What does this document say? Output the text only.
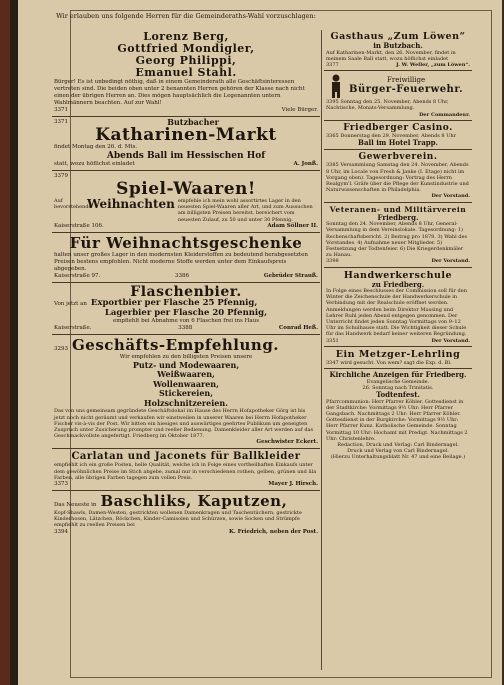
Wir erlauben uns folgende Herren für die Gemeinderaths-Wahl vorzuschlagen:
Lorenz Berg,
Gottfried Mondigler,
Georg Philippi,
Emanuel Stahl.
Bürger! Es ist unbedingt nöthig, daß in einem Gemeinderath alle Geschäftsinteressen vertreten sind. Die beiden oben unter 2 benannten Herren gehören der Klasse nach nicht einen der übrigen Herren an. Dies mögen hauptsächlich die Legenannten untern Wahlmännern beachten. Auf zur Wahl!
3371	Viele Bürger.
3371	Butzbacher
Katharinen-Markt
findet Montag den 26. d. Mts.
Abends Ball im Hessischen Hof
statt, wozu höflichst einladet	A. Jonß.
3379
Spiel-Waaren!
Auf bevorstehende
Weihnachten empfehle ich mein wohl assortirtes Lager in den neuesten Spiel-Waaren aller Art, und zum Aussuchen am billigsten Preisen bereitst, bereichert vom neuesten Zulauf, zu 50 und unter 30 Pfennig.
Kaiserstraße 106.	Adam Söllner II.
Für Weihnachtsgeschenke
halten unser großes Lager in den modernsten Kleiderstoffen zu bedeutend herabgesetzten Preisen bestens empfohlen. Nicht moderne Stoffe werden unter dem Einkaufspreis abgegeben.
Kaiserstraße 97.	3386	Gebrüder Strauß.
Flaschenbier.
Von jetzt an Exportbier per Flasche 25 Pfennig,
Lagerbier per Flasche 20 Pfennig,
empfiehlt bei Abnahme von 6 Flaschen frei ins Haus
Kaiserstraße.	3388	Conrad Heß.
3293 Geschäfts-Empfehlung.
Wir empfehlen zu den billigsten Preisen unsere
Putz- und Modewaaren,
Weißwaaren,
Wollenwaaren,
Stickereien,
Holzschnitzereien.
Das von uns gemeinsam gegründete Geschäftslokal im Hause des Herrn Hofapotheker Görg ist bis jetzt noch nicht geräumt und verkaufen wir einstweilen in unserer Waaren bei Herrn Hofapotheker Fischer vis-à-vis der Post. Wir bitten ein hiesiges und auswärtiges geehrtes Publikum um geneigten Zuspruch unter Zusicherung prompter und reeller Bedienung. Damenkleider aller Art werden auf das Geschmackvollste angefertigt. Friedberg im Oktober 1877.
Geschwister Eckert.
Carlatan und Jaconets für Ballkleider
empfiehlt ich ein große Posten, helle Qualität, welche ich in Folge eines vortheilhaften Einkaufs unter dem gewöhnlichen Preise im Stich abgebe, zumal nur in verschiedenen rothen, gelben, grünen und lila Farben, alle übrigen Farben tagegen zum vollen Preis.
3373	Mayer J. Hirsch.
Das Neueste in Baschliks, Kaputzen,
Kopf-Shawls, Damen-Westen, gestrickten wollenen Damenkragen und Taschentüchern, gestrickte Kinderhosen, Lätzchen, Röckchen, Kinder-Camisolen und Schürzen, sowie Socken und Strümpfe empfiehlt zu reellen Preisen bei
3394	K. Friedrich, neben der Post.
Gasthaus „Zum Löwen“
in Butzbach.
Auf Katharinen-Markt, den 26. November, findet in meinem Saale Ball statt, wozu höflichst einladet
3377	J. W. Weller, „zum Löwen“.
Freiwillige
Bürger-Feuerwehr.
3395 Sonntag den 25. November, Abends 8 Uhr, Nachtische, Monats-Versammlung.
Der Commandeur.
Friedberger Casino.
3365 Donnerstag den 29. November, Abends 8 Uhr
Ball im Hotel Trapp.
Gewerbverein.
3385 Versammlung Samstag den 24. November, Abends 8 Uhr, im Locale von Fresh & Janke (I. Etage) nicht im Vorgang oben). Tagesordnung: Vortrag des Herrn Realgym'l. Gräfe über die Pflege der Kunstindustrie und Naturwissenschaften in Philadelphia.
Der Vorstand.
Veteranen- und Militärverein
Friedberg.
Sonntag den 24. November, Abends 8 Uhr, General-Versammlung in dem Vereinslokale. Tagesordnung: 1) Rechenschaftsbericht. 2) Beitrag pro 1878. 3) Wahl des Vorstandes. 4) Aufnahme neuer Mitglieder. 5) Festsetzung der Todtenfeier. 6) Die Kriegerdenkmäler zu Hanau.
3398	Der Vorstand.
Handwerkerschule
zu Friedberg.
In Folge eines Beschlusses der Commission soll für den Winter die Zeichenschule der Handwerkerschule in Verbindung mit der Realschule eröffnet werden. Anmeldungen werden beim Direktor Mussing und Lehrer Ruhl jeden Abend entgegen genommen. Der Unterricht findet jeden Sonntag Vormittags von 9–12 Uhr im Schulhause statt. Die Wichtigkeit dieser Schule für das Handwerk bedarf keiner weiteren Begründung.
3351	Der Vorstand.
Ein Metzger-Lehrling
3347 wird gesucht. Von wem? sagt die Exp. d. Bl.
Kirchliche Anzeigen für Friedberg.
Evangelische Gemeinde.
26. Sonntag nach Trinitatis.
Todtenfest.
Pfarrcommunion: Herr Pfarrer Köhler. Gottesdienst in der Stadtkirche: Vormittags 9½ Uhr: Herr Pfarrer Gangsbach. Nachmittags 2 Uhr: Herr Pfarrer Köhler. Gottesdienst in der Burgkirche: Vormittags 9½ Uhr: Herr Pfarrer Kunz. Katholische Gemeinde. Sonntag Vormittag 10 Uhr: Hochamt mit Predigt. Nachmittags 2 Uhr: Christenlehre.
Redaction, Druck und Verlag: Carl Bindernagel.
Druck und Verlag von Carl Bindernagel.
(Hierzu Unterhaltungsblatt Nr. 47 und eine Beilage.)
